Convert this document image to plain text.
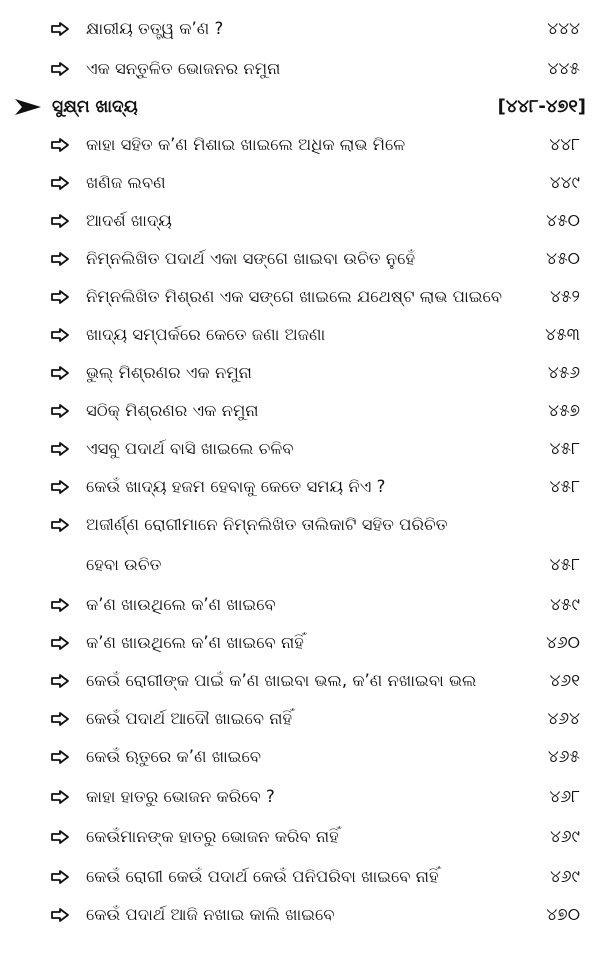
କ୍ଷାରୀୟ ତତ୍ତ୍ୱ କ’ଣ ?	୪୪୪
ଏକ ସନ୍ତୁଳିତ ଭୋଜନର ନମୁନା	୪୪୫
ସୁକ୍ଷ୍ମ ଖାଦ୍ୟ	[୪୪୮-୪୭୧]
କାହା ସହିତ କ’ଣ ମିଶାଇ ଖାଇଲେ ଅଧିକ ଲାଭ ମିଳେ	୪୪୮
ଖଣିଜ ଲବଣ	୪୪୯
ଆଦର୍ଶ ଖାଦ୍ୟ	୪୫୦
ନିମ୍ନଲିଖିତ ପଦାର୍ଥ ଏକା ସଙ୍ଗେ ଖାଇବା ଉଚିତ ନୁହେଁ	୪୫୦
ନିମ୍ନଲିଖିତ ମିଶ୍ରଣ ଏକ ସଙ୍ଗେ ଖାଇଲେ ଯଥେଷ୍ଟ ଲାଭ ପାଇବେ	୪୫୨
ଖାଦ୍ୟ ସମ୍ପର୍କରେ କେତେ ଜଣା ଅଜଣା	୪୫୩
ଭୁଲ୍ ମିଶ୍ରଣର ଏକ ନମୁନା	୪୫୬
ସଠିକ୍ ମିଶ୍ରଣର ଏକ ନମୁନା	୪୫୭
ଏସବୁ ପଦାର୍ଥ ବାସି ଖାଇଲେ ଚଳିବ	୪୫୮
କେଉଁ ଖାଦ୍ୟ ହଜମ ହେବାକୁ କେତେ ସମୟ ନିଏ ?	୪୫୮
ଅଜୀର୍ଣ୍ଣ ରୋଗୀମାନେ ନିମ୍ନଲିଖିତ ତାଲିକାଟି ସହିତ ପରିଚିତ
ହେବା ଉଚିତ	୪୫୮
କ’ଣ ଖାଉଥିଲେ କ’ଣ ଖାଇବେ	୪୫୯
କ’ଣ ଖାଉଥିଲେ କ’ଣ ଖାଇବେ ନାହିଁ	୪୬୦
କେଉଁ ରୋଗୀଙ୍କ ପାଇଁ କ’ଣ ଖାଇବା ଭଲ, କ’ଣ ନଖାଇବା ଭଲ	୪୬୧
କେଉଁ ପଦାର୍ଥ ଆଦୌ ଖାଇବେ ନାହିଁ	୪୬୪
କେଉଁ ଋତୁରେ କ’ଣ ଖାଇବେ	୪୬୫
କାହା ହାତରୁ ଭୋଜନ କରିବେ ?	୪୬୮
କେଉଁମାନଙ୍କ ହାତରୁ ଭୋଜନ କରିବ ନାହିଁ	୪୬୯
କେଉଁ ରୋଗୀ କେଉଁ ପଦାର୍ଥ କେଉଁ ପନିପରିବା ଖାଇବେ ନାହିଁ	୪୬୯
କେଉଁ ପଦାର୍ଥ ଆଜି ନଖାଇ କାଲି ଖାଇବେ	୪୭୦
